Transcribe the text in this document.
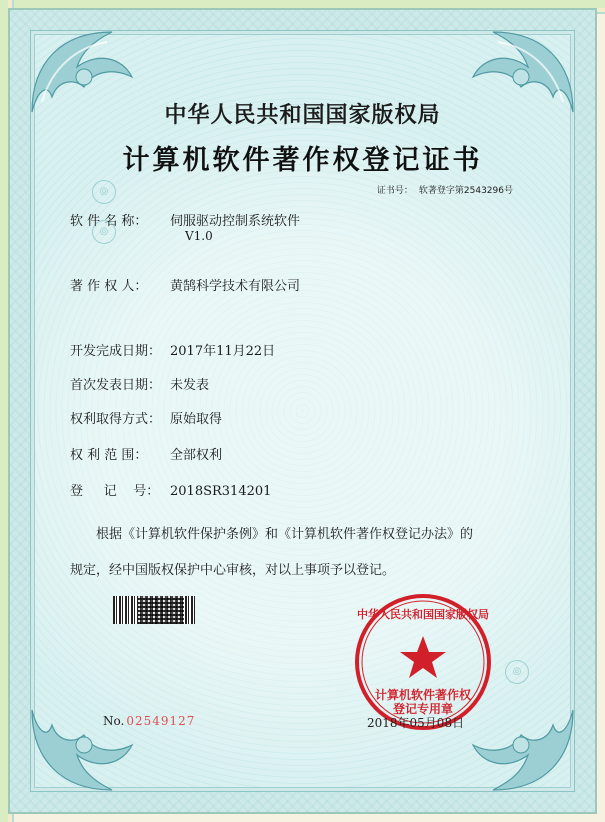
◎
◎
◎
中华人民共和国国家版权局
计算机软件著作权登记证书
证书号： 软著登字第2543296号
软 件 名 称： 伺服驱动控制系统软件
V1.0
著 作 权 人： 黄鹄科学技术有限公司
开发完成日期： 2017年11月22日
首次发表日期： 未发表
权利取得方式： 原始取得
权 利 范 围： 全部权利
登     记    号： 2018SR314201
根据《计算机软件保护条例》和《计算机软件著作权登记办法》的
规定，经中国版权保护中心审核，对以上事项予以登记。
中华人民共和国国家版权局
计算机软件著作权
登记专用章
No. 02549127	2018年05月08日
